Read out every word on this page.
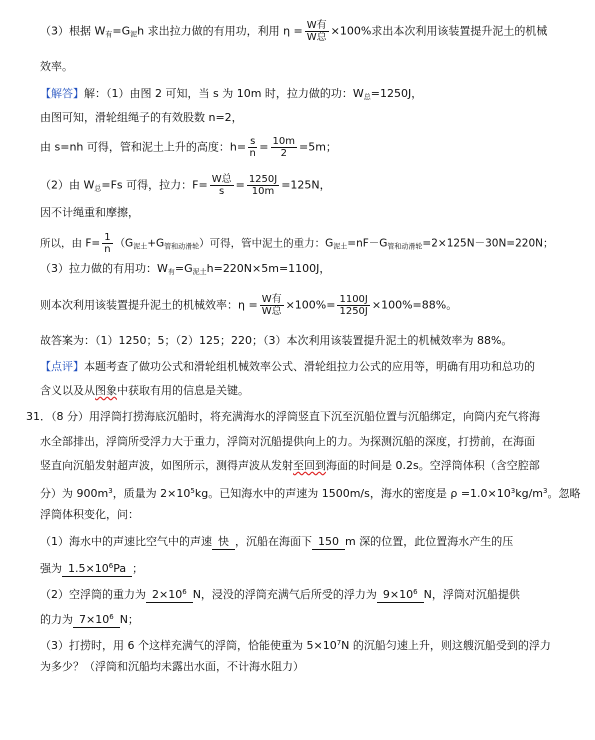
（3）根据 $W_有=G_泥h$ 求出拉力做的有用功，利用 $\eta = \frac{\text{W有}}{\text{W总}} \times 100\%$求出本次利用该装置提升泥土的机械
效率。
【解答】解：（1）由图 2 可知，当 s 为 10m 时，拉力做的功：$W_总=1250J$，
由图可知，滑轮组绳子的有效股数 n=2，
由 s=nh 可得，管和泥土上升的高度：$h= \frac{s}{n} = \frac{10m}{2} =5m$；
（2）由 $W_总=Fs$ 可得，拉力：$F= \frac{\text{W总}}{s} = \frac{1250J}{10m} =125N$，
因不计绳重和摩擦，
所以，由 $F= \frac{1}{n} (G_{泥土}+G_{管和动滑轮})$可得，管中泥土的重力：$G_{泥土}=nF-G_{管和动滑轮}=2\times 125N-30N=220N$；
（3）拉力做的有用功：$W_有=G_{泥土}h=220N\times 5m=1100J$，
则本次利用该装置提升泥土的机械效率：$\eta = \frac{\text{W有}}{\text{W总}} \times 100\%= \frac{1100J}{1250J} \times 100\%=88\%$。
故答案为：（1）1250；5；（2）125；220；（3）本次利用该装置提升泥土的机械效率为 88%。
【点评】本题考查了做功公式和滑轮组机械效率公式、滑轮组拉力公式的应用等，明确有用功和总功的
含义以及从图象中获取有用的信息是关键。
31．（8 分）用浮筒打捞海底沉船时，将充满海水的浮筒竖直下沉至沉船位置与沉船绑定，向筒内充气将海
水全部排出，浮筒所受浮力大于重力，浮筒对沉船提供向上的力。为探测沉船的深度，打捞前，在海面
竖直向沉船发射超声波，如图所示，测得声波从发射至回到海面的时间是 0.2s。空浮筒体积（含空腔部
分）为 $900m^3$，质量为 $2\times 10^5kg$。已知海水中的声速为 1500m/s，海水的密度是 $\rho =1.0\times 10^3kg/m^3$。忽略
浮筒体积变化，问：
（1）海水中的声速比空气中的声速 快 ，沉船在海面下 150 m 深的位置，此位置海水产生的压
强为 $1.5\times 10^6Pa$ ；
（2）空浮筒的重力为 $2\times 10^6$ N，浸没的浮筒充满气后所受的浮力为 $9\times 10^6$ N，浮筒对沉船提供
的力为 $7\times 10^6$ N；
（3）打捞时，用 6 个这样充满气的浮筒，恰能使重为 $5\times 10^7N$ 的沉船匀速上升，则这艘沉船受到的浮力
为多少？（浮筒和沉船均未露出水面，不计海水阻力）
